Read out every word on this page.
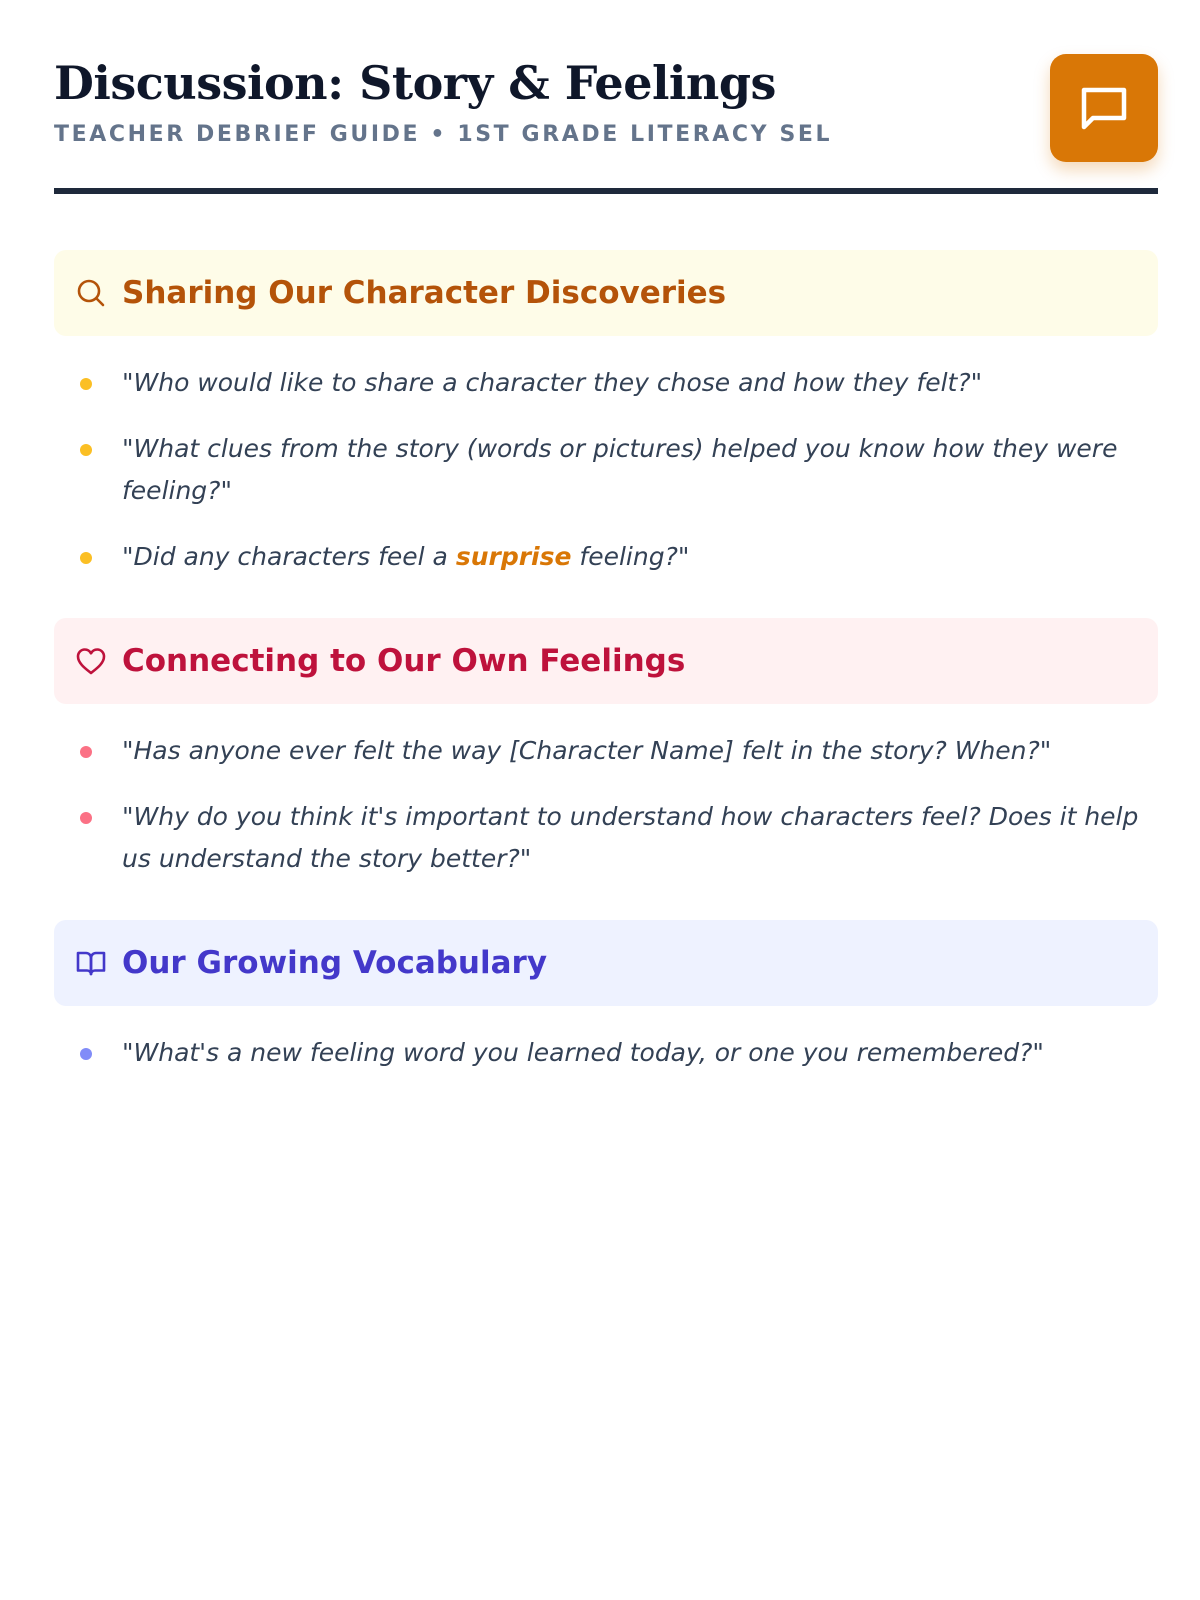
Discussion: Story & Feelings
TEACHER DEBRIEF GUIDE • 1ST GRADE LITERACY SEL
Sharing Our Character Discoveries
"Who would like to share a character they chose and how they felt?"
"What clues from the story (words or pictures) helped you know how they were feeling?"
"Did any characters feel a surprise feeling?"
Connecting to Our Own Feelings
"Has anyone ever felt the way [Character Name] felt in the story? When?"
"Why do you think it's important to understand how characters feel? Does it help us understand the story better?"
Our Growing Vocabulary
"What's a new feeling word you learned today, or one you remembered?"
